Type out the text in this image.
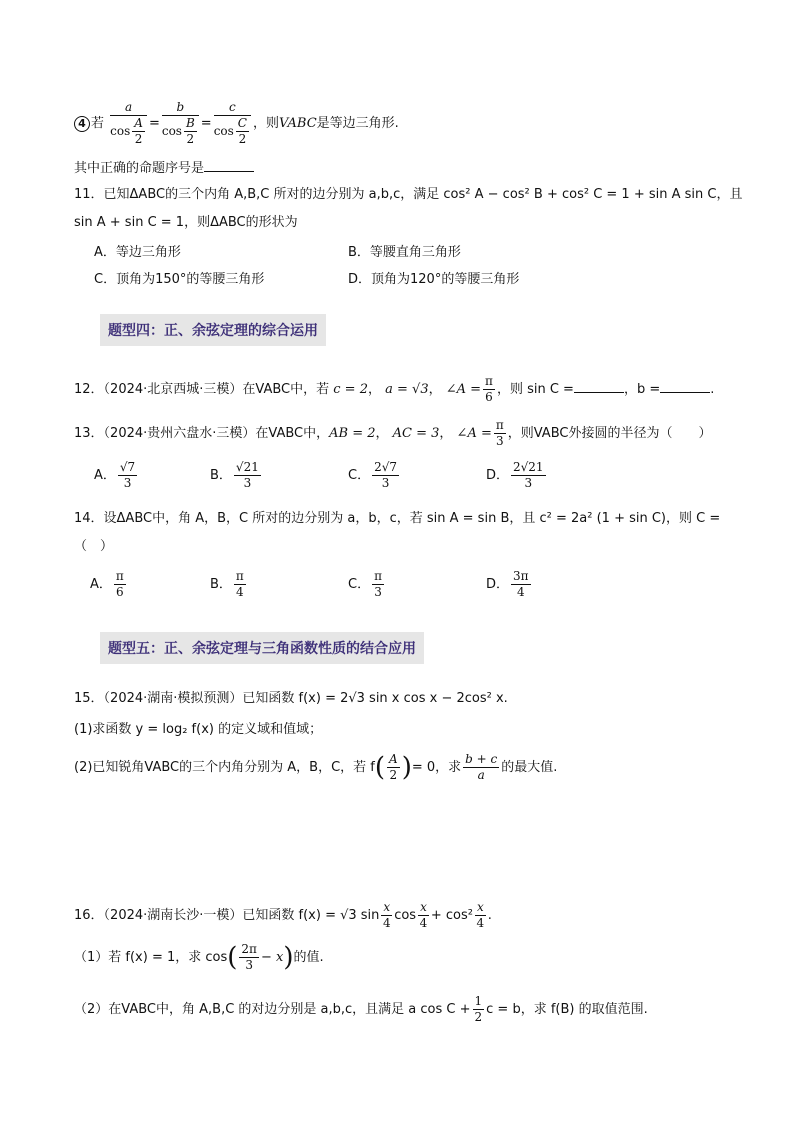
4 若 $\frac{a}{\cos \frac{A}{2}} = \frac{b}{\cos \frac{B}{2}} = \frac{c}{\cos \frac{C}{2}}$ ，则VABC是等边三角形.
其中正确的命题序号是
11．已知ΔABC的三个内角 A,B,C 所对的边分别为 a,b,c，满足 cos² A − cos² B + cos² C = 1 + sin A sin C，且
sin A + sin C = 1，则ΔABC的形状为
A．等边三角形	B．等腰直角三角形
C．顶角为150°的等腰三角形	D．顶角为120°的等腰三角形
题型四：正、余弦定理的综合运用
12．（2024·北京西城·三模）在VABC中，若 c = 2， a = √3， ∠A = $\frac{\pi}{6}$ ，则 sin C =	，b =	.
13．（2024·贵州六盘水·三模）在VABC中，AB = 2， AC = 3， ∠A = $\frac{\pi}{3}$ ，则VABC外接圆的半径为（　　）
A． $\frac{√7}{3}$	B． $\frac{√21}{3}$	C． $\frac{2√7}{3}$	D． $\frac{2√21}{3}$
14．设ΔABC中，角 A，B，C 所对的边分别为 a，b，c，若 sin A = sin B，且 c² = 2a² (1 + sin C)，则 C =
（　）
A． $\frac{\pi}{6}$	B． $\frac{\pi}{4}$	C． $\frac{\pi}{3}$	D． $\frac{3\pi}{4}$
题型五：正、余弦定理与三角函数性质的结合应用
15．（2024·湖南·模拟预测）已知函数 f(x) = 2√3 sin x cos x − 2cos² x.
(1)求函数 y = log₂ f(x) 的定义域和值域；
(2)已知锐角VABC的三个内角分别为 A，B，C，若 $f( \frac{A}{2}$ )= 0，求 $\frac{b + c}{a}$ 的最大值.
16．（2024·湖南长沙·一模）已知函数 f(x) = √3 $\sin \frac{x}{4}$ $\cos \frac{x}{4} + \cos^2 \frac{x}{4}$ .
（1）若 f(x) = 1，求 $\cos( \frac{2\pi}{3} - x)$的值.
（2）在VABC中，角 A,B,C 的对边分别是 a,b,c，且满足 a $\cos C + \frac{1}{2}$ c = b，求 f(B) 的取值范围.
